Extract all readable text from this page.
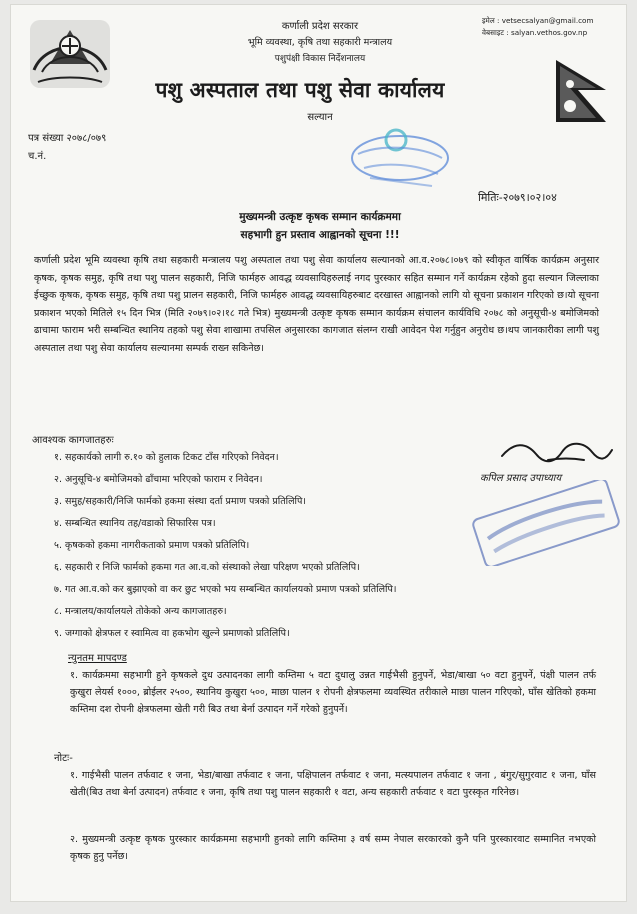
कर्णाली प्रदेश सरकार
भूमि व्यवस्था, कृषि तथा सहकारी मन्त्रालय
पशुपंक्षी विकास निर्देशनालय
पशु अस्पताल तथा पशु सेवा कार्यालय
सल्यान
इमेल : vetsecsalyan@gmail.com
वेबसाइट : salyan.vethos.gov.np
पत्र संख्या २०७८/०७९
च.नं.
मितिः-२०७९।०२।०४
मुख्यमन्त्री उत्कृष्ट कृषक सम्मान कार्यक्रममा
सहभागी हुन प्रस्ताव आह्वानको सूचना !!!
कर्णाली प्रदेश भूमि व्यवस्था कृषि तथा सहकारी मन्त्रालय पशु अस्पताल तथा पशु सेवा कार्यालय सल्यानको आ.व.२०७८।०७९ को स्वीकृत वार्षिक कार्यक्रम अनुसार कृषक, कृषक समुह, कृषि तथा पशु पालन सहकारी, निजि फार्महरु आवद्ध व्यवसायिहरुलाई नगद पुरस्कार सहित सम्मान गर्ने कार्यक्रम रहेको हुदा सल्यान जिल्लाका ईच्छुक कृषक, कृषक समुह, कृषि तथा पशु प्रालन सहकारी, निजि फार्महरु आवद्ध व्यवसायिहरुबाट दरखास्त आह्वानको लागि यो सूचना प्रकाशन गरिएको छ।यो सूचना प्रकाशन भएको मितिले १५ दिन भित्र (मिति २०७९।०२।१८ गते भित्र) मुख्यमन्त्री उत्कृष्ट कृषक सम्मान कार्यक्रम संचालन कार्यविधि २०७८ को अनुसूची-४ बमोजिमको ढाचामा फाराम भरी सम्बन्धित स्थानिय तहको पशु सेवा शाखामा तपसिल अनुसारका कागजात संलग्न राखी आवेदन पेश गर्नुहुन अनुरोध छ।थप जानकारीका लागी पशु अस्पताल तथा पशु सेवा कार्यालय सल्यानमा सम्पर्क राख्न सकिनेछ।
आवश्यक कागजातहरुः
१. सहकार्यको लागी रु.१० को हुलाक टिकट टाँस गरिएको निवेदन।
२. अनुसूचि-४ बमोजिमको ढाँचामा भरिएको फाराम र निवेदन।
३. समुह/सहकारी/निजि फार्मको हकमा संस्था दर्ता प्रमाण पत्रको प्रतिलिपि।
४. सम्बन्धित स्थानिय तह/वडाको सिफारिस पत्र।
५. कृषकको हकमा नागरीकताको प्रमाण पत्रको प्रतिलिपि।
६. सहकारी र निजि फार्मको हकमा गत आ.व.को संस्थाको लेखा परिक्षण भएको प्रतिलिपि।
७. गत आ.व.को कर बुझाएको वा कर छुट भएको भय सम्बन्धित कार्यालयको प्रमाण पत्रको प्रतिलिपि।
८. मन्त्रालय/कार्यालयले तोकेको अन्य कागजातहरु।
९. जग्गाको क्षेत्रफल र स्वामित्व वा हकभोग खुल्ने प्रमाणको प्रतिलिपि।
कपिल प्रसाद उपाध्याय
न्युनतम मापदण्ड
१. कार्यक्रममा सहभागी हुने कृषकले दुध उत्पादनका लागी कम्तिमा ५ वटा दुधालु उन्नत गाईभैसी हुनुपर्ने, भेडा/बाखा ५० वटा हुनुपर्ने, पंक्षी पालन तर्फ कुखुरा लेयर्स १०००, ब्रोईलर २५००, स्थानिय कुखुरा ५००, माछा पालन १ रोपनी क्षेत्रफलमा व्यवस्थित तरीकाले माछा पालन गरिएको, घाँस खेतिको हकमा कम्तिमा दश रोपनी क्षेत्रफलमा खेती गरी बिउ तथा बेर्ना उत्पादन गर्ने गरेको हुनुपर्ने।
नोटः-
१. गाईभैसी पालन तर्फवाट १ जना, भेडा/बाखा तर्फवाट १ जना, पक्षिपालन तर्फवाट १ जना, मत्स्यपालन तर्फवाट १ जना , बंगुर/सुगुरवाट १ जना, घाँस खेती(बिउ तथा बेर्ना उत्पादन) तर्फवाट १ जना, कृषि तथा पशु पालन सहकारी १ वटा, अन्य सहकारी तर्फवाट १ वटा पुरस्कृत गरिनेछ।
२. मुख्यमन्त्री उत्कृष्ट कृषक पुरस्कार कार्यक्रममा सहभागी हुनको लागि कम्तिमा ३ वर्ष सम्म नेपाल सरकारको कुनै पनि पुरस्कारवाट सम्मानित नभएको कृषक हुनु पर्नेछ।
